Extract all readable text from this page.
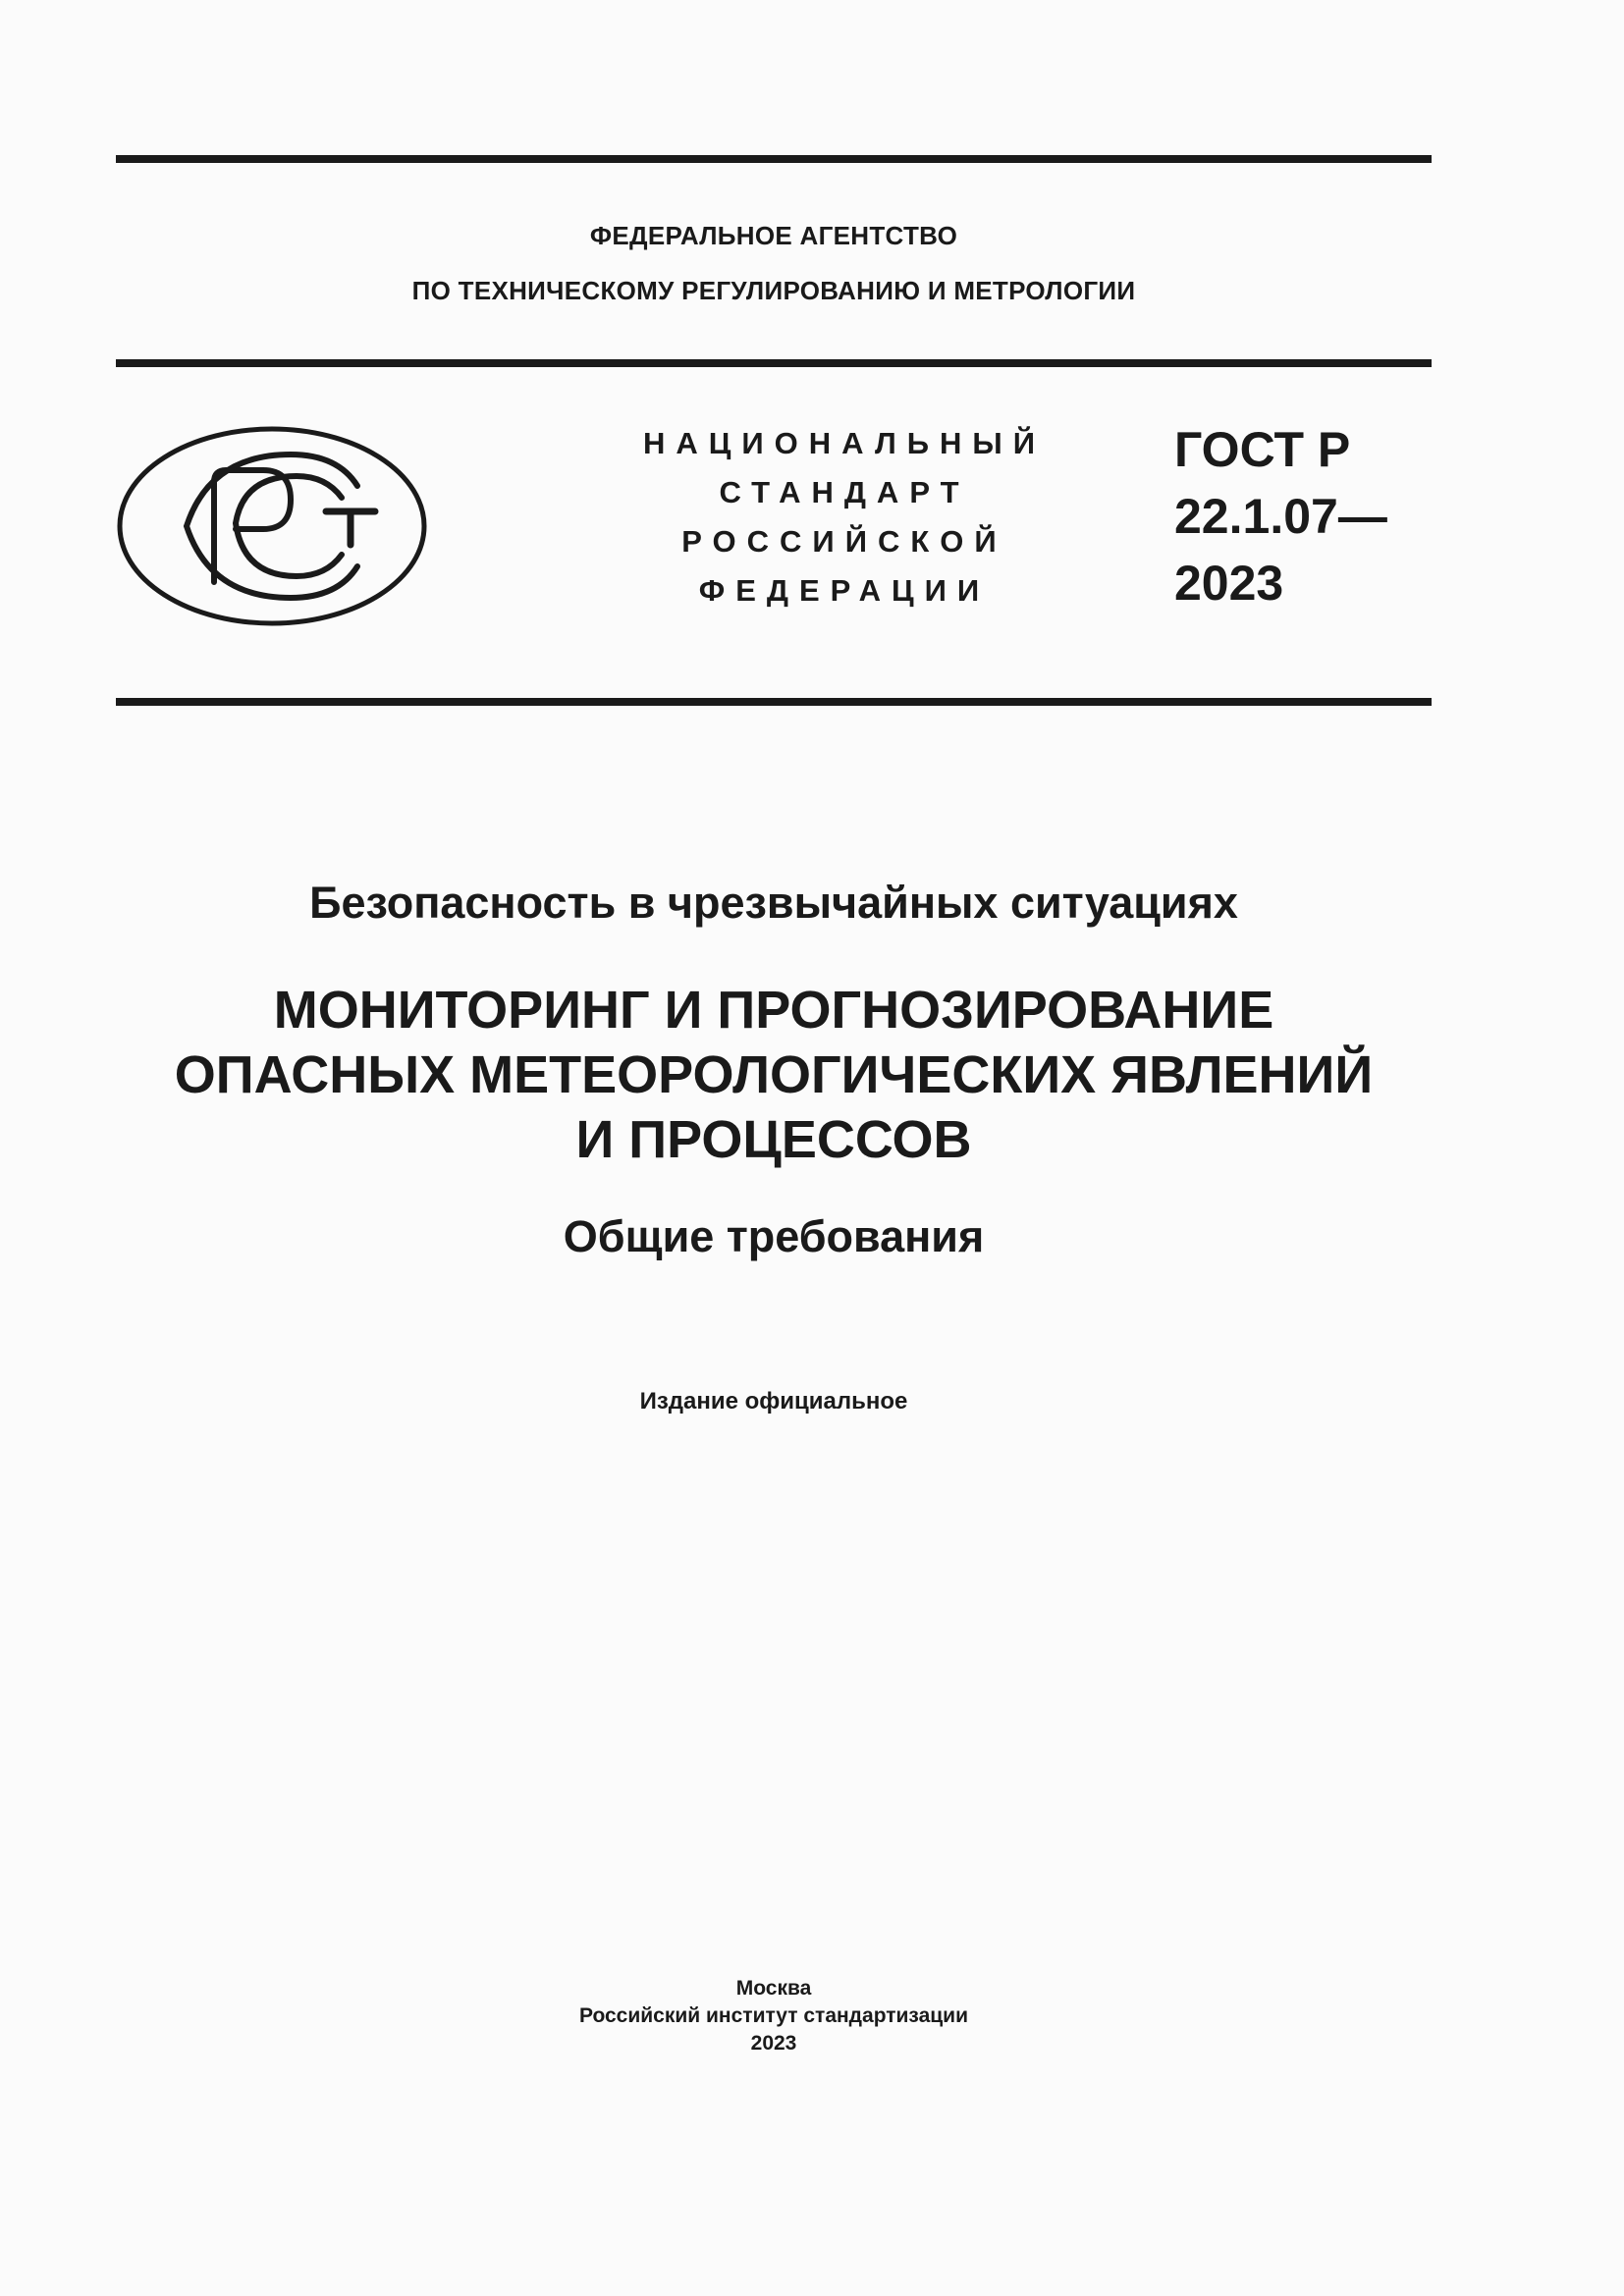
ФЕДЕРАЛЬНОЕ АГЕНТСТВО
ПО ТЕХНИЧЕСКОМУ РЕГУЛИРОВАНИЮ И МЕТРОЛОГИИ
НАЦИОНАЛЬНЫЙ
СТАНДАРТ
РОССИЙСКОЙ
ФЕДЕРАЦИИ
ГОСТ Р
22.1.07—
2023
Безопасность в чрезвычайных ситуациях
МОНИТОРИНГ И ПРОГНОЗИРОВАНИЕ
ОПАСНЫХ МЕТЕОРОЛОГИЧЕСКИХ ЯВЛЕНИЙ
И ПРОЦЕССОВ
Общие требования
Издание официальное
Москва
Российский институт стандартизации
2023
